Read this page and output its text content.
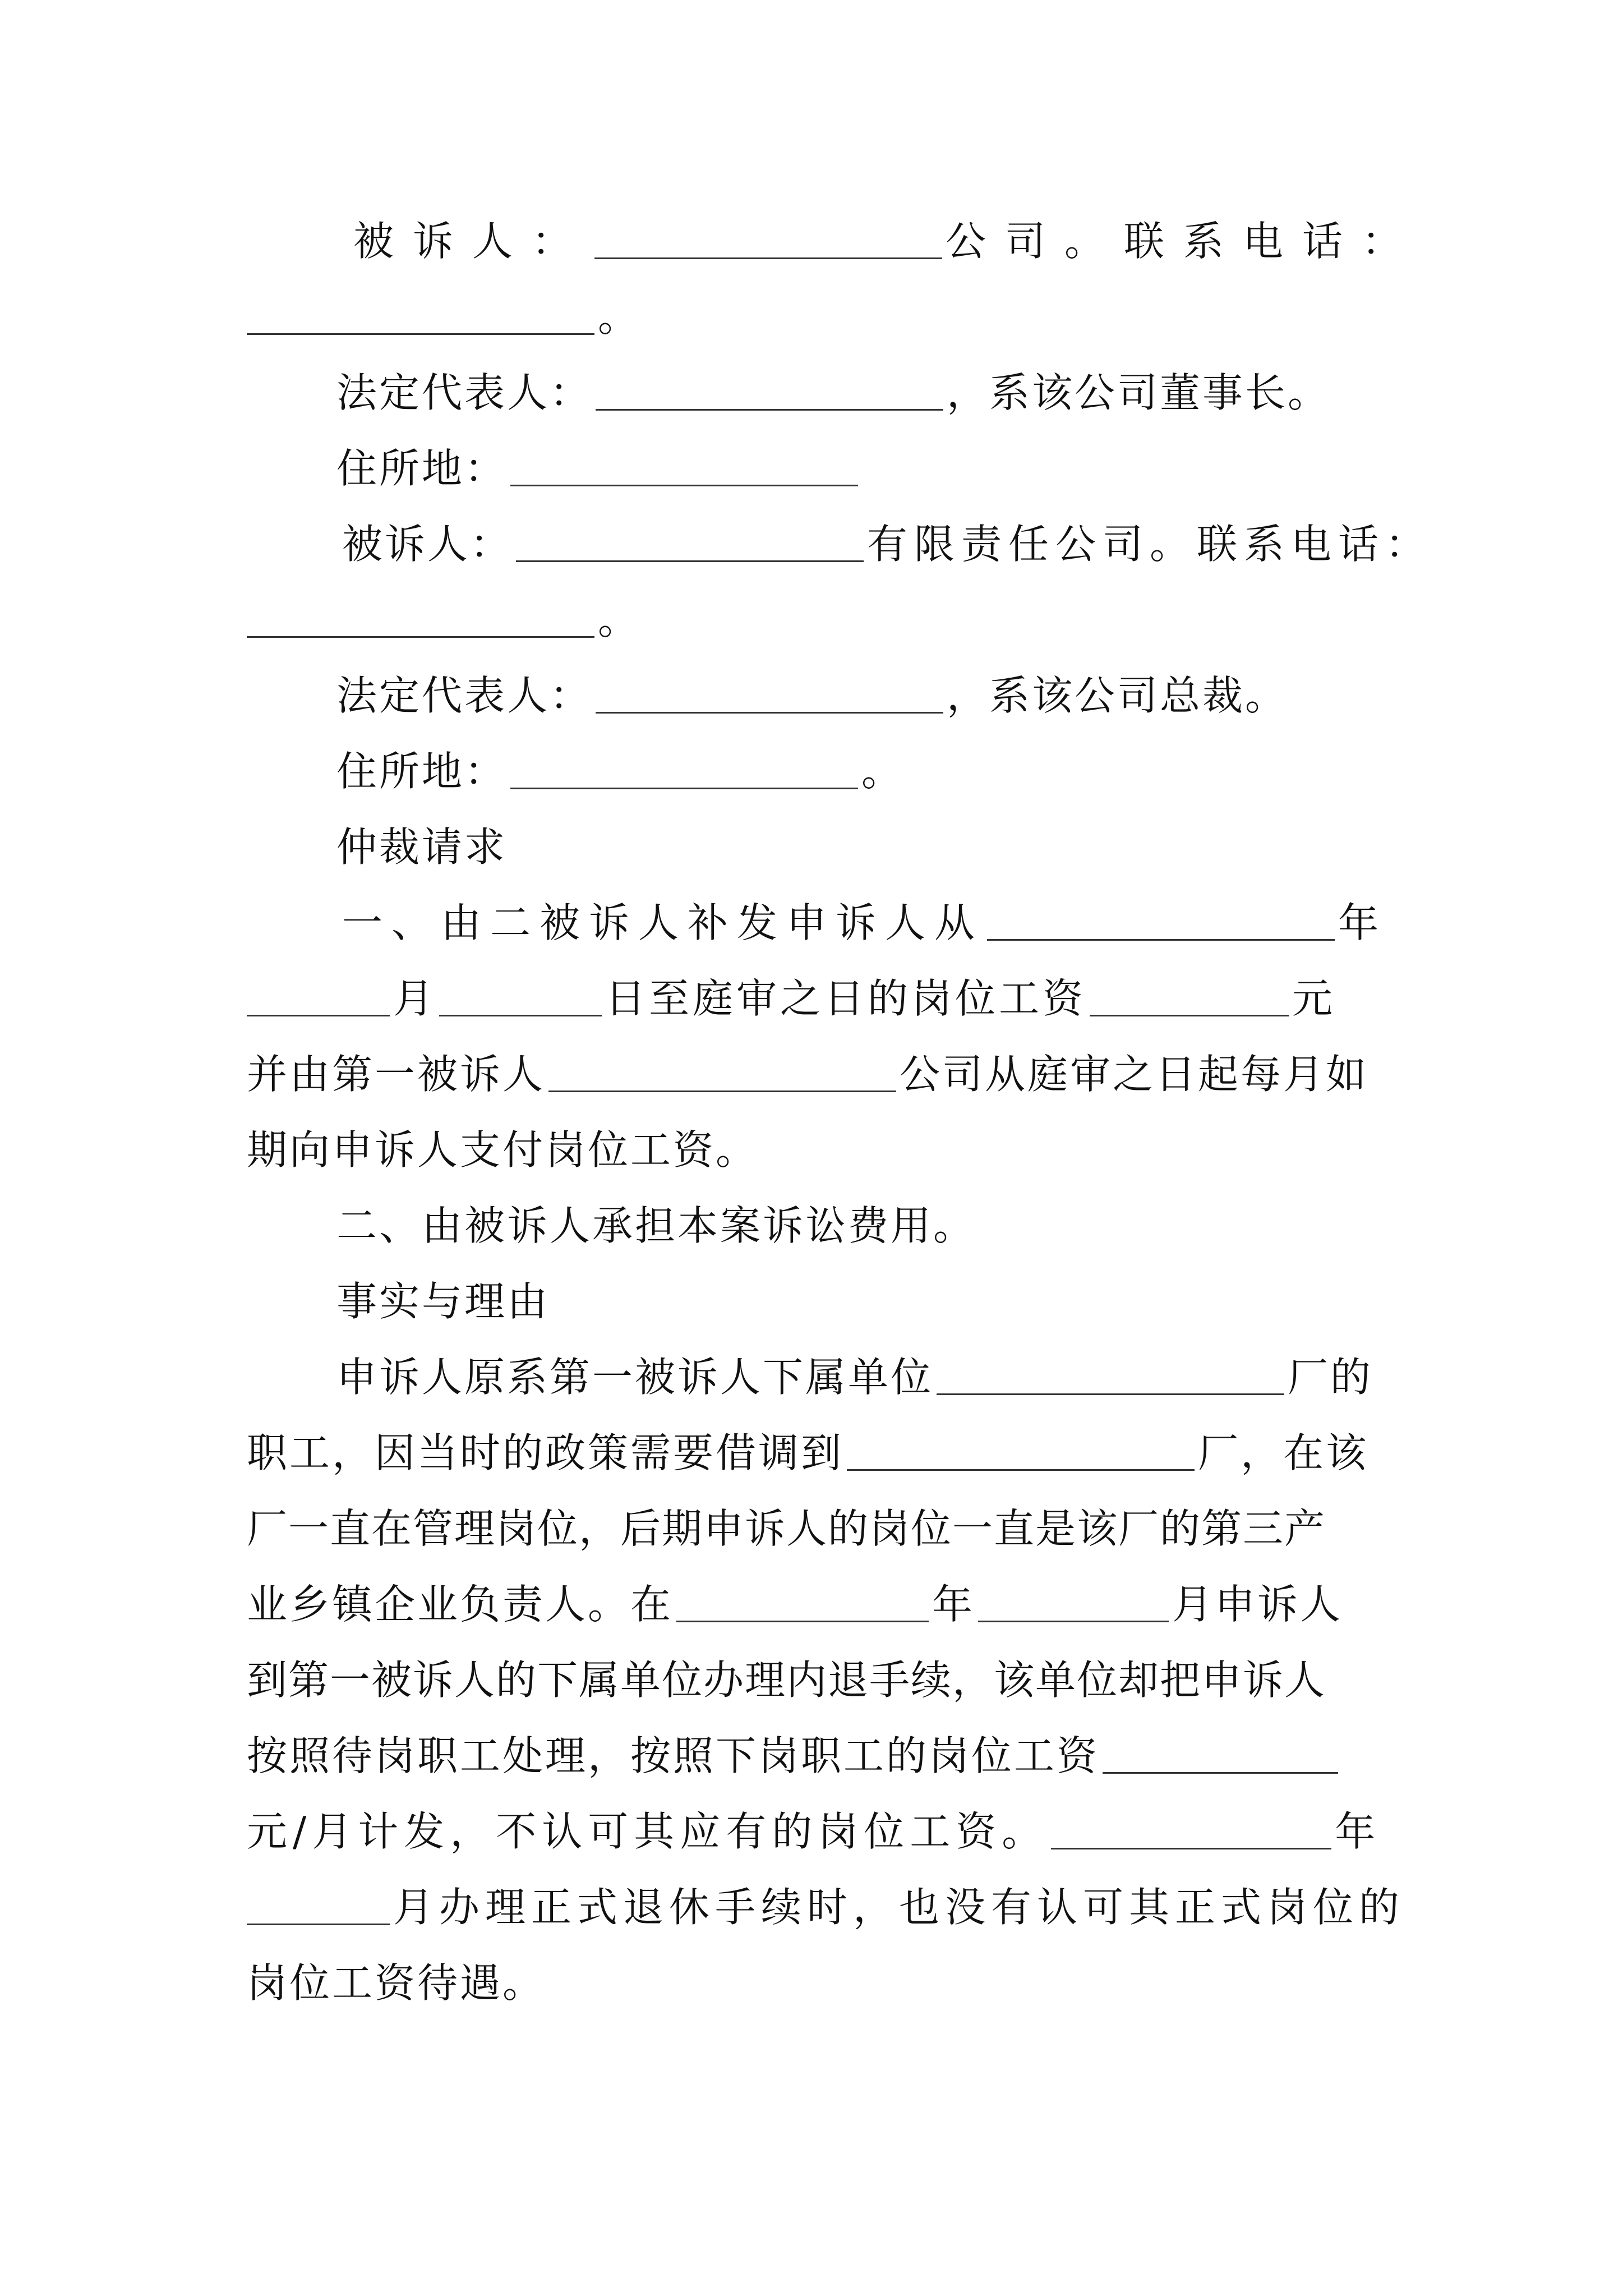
被诉人：	公司。联系电话：
。
法定代表人：	，系该公司董事长。
住所地：
被诉人：	有限责任公司。联系电话：
。
法定代表人：	，系该公司总裁。
住所地：	。
仲裁请求
一、由二被诉人补发申诉人从	年
月	日至庭审之日的岗位工资	元
并由第一被诉人	公司从庭审之日起每月如
期向申诉人支付岗位工资。
二、由被诉人承担本案诉讼费用。
事实与理由
申诉人原系第一被诉人下属单位	厂的
职工，因当时的政策需要借调到	厂，在该
厂一直在管理岗位，后期申诉人的岗位一直是该厂的第三产
业乡镇企业负责人。在	年	月申诉人
到第一被诉人的下属单位办理内退手续，该单位却把申诉人
按照待岗职工处理，按照下岗职工的岗位工资
元/月计发，不认可其应有的岗位工资。	年
月办理正式退休手续时，也没有认可其正式岗位的
岗位工资待遇。
